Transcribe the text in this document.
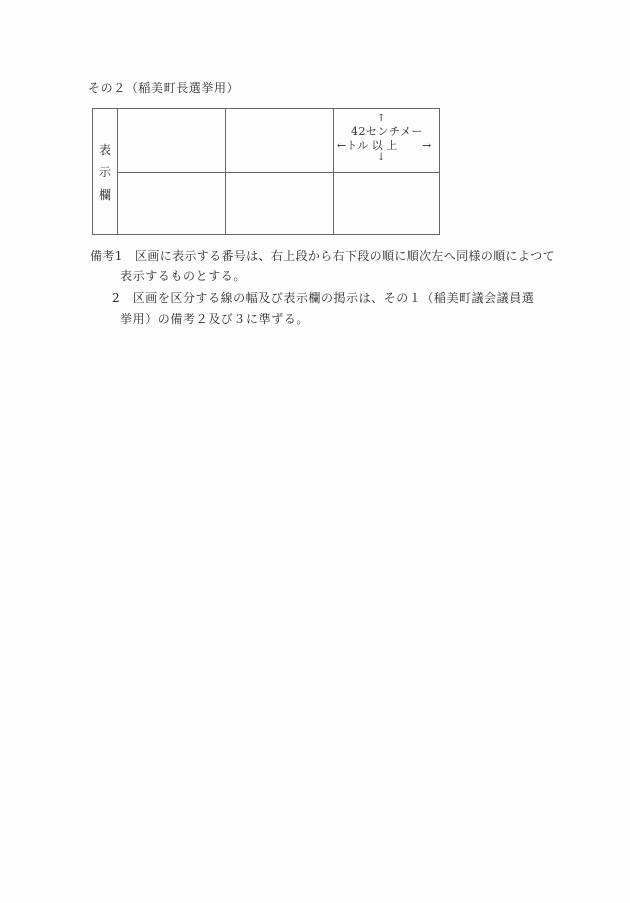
その２（稲美町長選挙用）
表
示
欄
↑
42センチメー
←トル 以 上 →
↓
備考1　区画に表示する番号は、右上段から右下段の順に順次左へ同様の順によつて
表示するものとする。
2　区画を区分する線の幅及び表示欄の掲示は、その１（稲美町議会議員選
挙用）の備考２及び３に準ずる。
